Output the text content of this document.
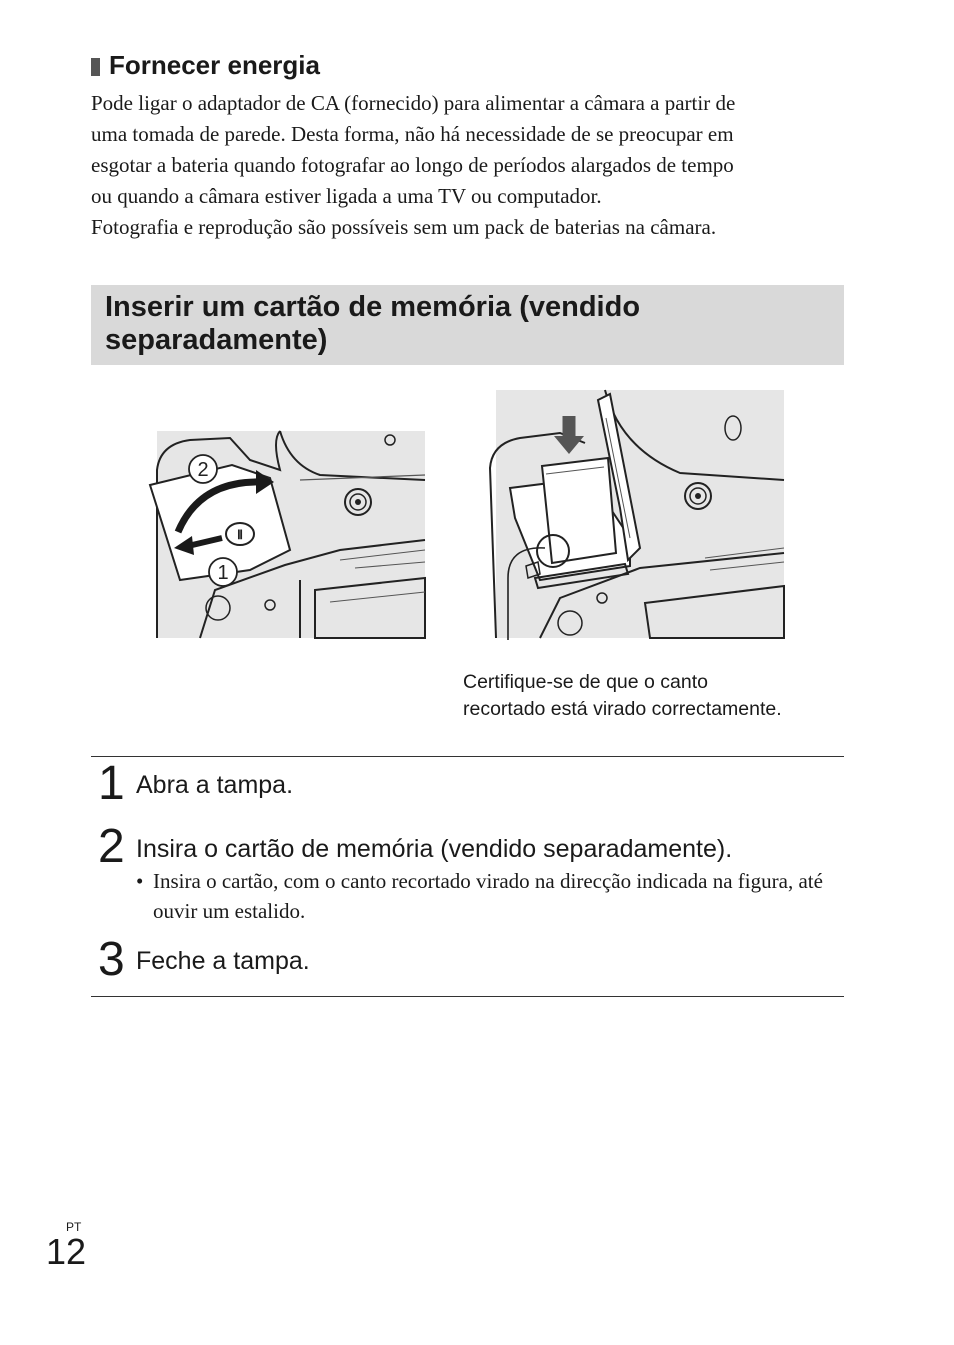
Fornecer energia

Pode ligar o adaptador de CA (fornecido) para alimentar a câmara a partir de

uma tomada de parede. Desta forma, não há necessidade de se preocupar em

esgotar a bateria quando fotografar ao longo de períodos alargados de tempo

ou quando a câmara estiver ligada a uma TV ou computador.

Fotografia e reprodução são possíveis sem um pack de baterias na câmara.

Inserir um cartão de memória (vendido
separadamente)
⫴
2
1
Certifique-se de que o canto
recortado está virado correctamente.
1 Abra a tampa.
2 Insira o cartão de memória (vendido separadamente).
• Insira o cartão, com o canto recortado virado na direcção indicada na figura, até ouvir um estalido.
3 Feche a tampa.
PT
12
